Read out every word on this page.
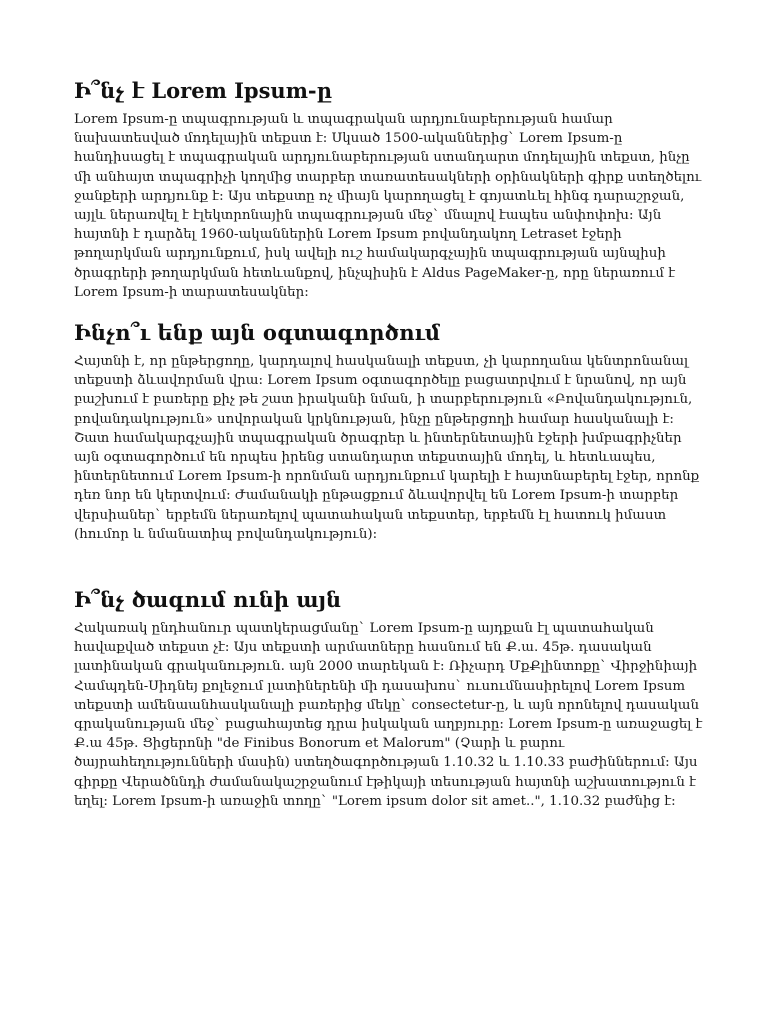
Ի՞նչ է Lorem Ipsum-ը

Lorem Ipsum-ը տպագրության և տպագրական արդյունաբերության համար նախատեսված մոդելային տեքստ է: Սկսած 1500-ականներից` Lorem Ipsum-ը հանդիսացել է տպագրական արդյունաբերության ստանդարտ մոդելային տեքստ, ինչը մի անհայտ տպագրիչի կողմից տարբեր տառատեսակների օրինակների գիրք ստեղծելու ջանքերի արդյունք է: Այս տեքստը ոչ միայն կարողացել է գոյատևել հինգ դարաշրջան, այլև ներառվել է էլեկտրոնային տպագրության մեջ` մնալով էապես անփոփոխ: Այն հայտնի է դարձել 1960-ականներին Lorem Ipsum բովանդակող Letraset էջերի թողարկման արդյունքում, իսկ ավելի ուշ համակարգչային տպագրության այնպիսի ծրագրերի թողարկման հետևանքով, ինչպիսին է Aldus PageMaker-ը, որը ներառում է Lorem Ipsum-ի տարատեսակներ:

Ինչո՞ւ ենք այն օգտագործում

Հայտնի է, որ ընթերցողը, կարդալով հասկանալի տեքստ, չի կարողանա կենտրոնանալ տեքստի ձևավորման վրա: Lorem Ipsum օգտագործելը բացատրվում է նրանով, որ այն բաշխում է բառերը քիչ թե շատ իրականի նման, ի տարբերություն «Բովանդակություն, բովանդակություն» սովորական կրկնության, ինչը ընթերցողի համար հասկանալի է: Շատ համակարգչային տպագրական ծրագրեր և ինտերնետային էջերի խմբագրիչներ այն օգտագործում են որպես իրենց ստանդարտ տեքստային մոդել, և հետևապես, ինտերնետում Lorem Ipsum-ի որոնման արդյունքում կարելի է հայտնաբերել էջեր, որոնք դեռ նոր են կերտվում: Ժամանակի ընթացքում ձևավորվել են Lorem Ipsum-ի տարբեր վերսիաներ` երբեմն ներառելով պատահական տեքստեր, երբեմն էլ հատուկ իմաստ (հումոր և նմանատիպ բովանդակություն):

Ի՞նչ ծագում ունի այն

Հակառակ ընդհանուր պատկերացմանը` Lorem Ipsum-ը այդքան էլ պատահական հավաքված տեքստ չէ: Այս տեքստի արմատները հասնում են Ք.ա. 45թ. դասական լատինական գրականություն. այն 2000 տարեկան է: Ռիչարդ ՄքՔլինտոքը` Վիրջինիայի Համպդեն-Սիդնեյ քոլեջում լատիներենի մի դասախոս` ուսումնասիրելով Lorem Ipsum տեքստի ամենաանհասկանալի բառերից մեկը` consectetur-ը, և այն որոնելով դասական գրականության մեջ` բացահայտեց դրա իսկական աղբյուրը: Lorem Ipsum-ը առաջացել է Ք.ա 45թ. Ցիցերոնի "de Finibus Bonorum et Malorum" (Չարի և բարու ծայրահեղությունների մասին) ստեղծագործության 1.10.32 և 1.10.33 բաժիններում: Այս գիրքը Վերածննդի ժամանակաշրջանում էթիկայի տեսության հայտնի աշխատություն է եղել: Lorem Ipsum-ի առաջին տողը` "Lorem ipsum dolor sit amet..", 1.10.32 բաժնից է:
